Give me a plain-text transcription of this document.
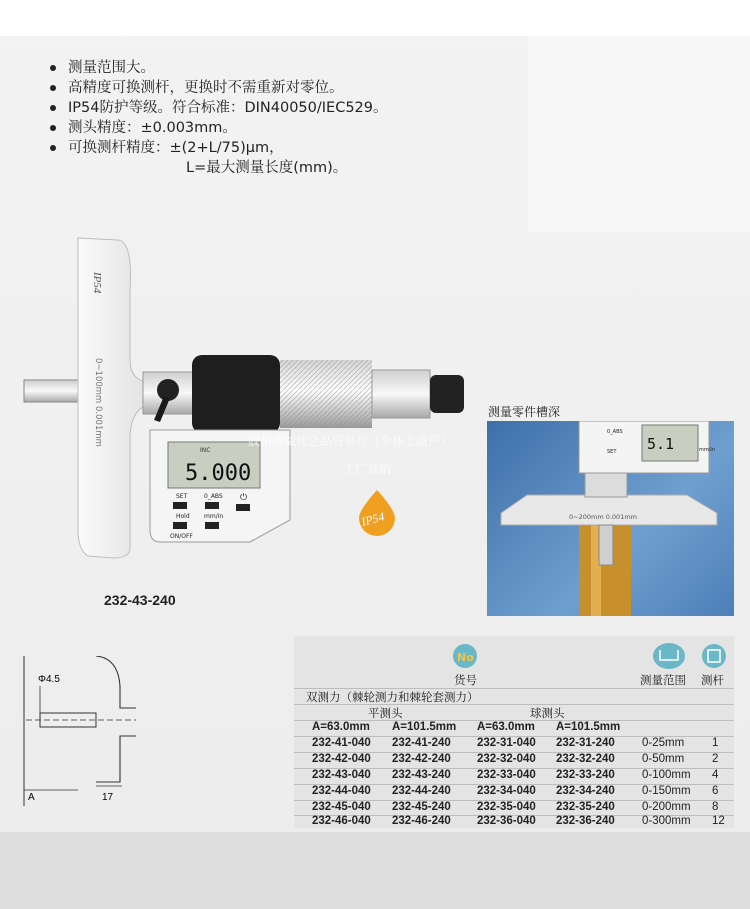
测量范围大。
高精度可换测杆，更换时不需重新对零位。
IP54防护等级。符合标准：DIN40050/IEC529。
测头精度：±0.003mm。
可换测杆精度：±(2+L/75)μm，
L=最大测量长度(mm)。
IP54
0~100mm 0.001mm
INC
5.000
SET	0_ABS ⏻
Hold mm/in
ON/OFF
232-43-240
胶州市威优之品贸易行（个体工商户）
工厂直销
IP54
测量零件槽深
0~200mm 0.001mm
5.1
0_ABS
SET	mm/in
Φ4.5
17
A
No
货号	测量范围 测杆
双测力（棘轮测力和棘轮套测力）
平测头	球测头
A=63.0mm A=101.5mm A=63.0mm A=101.5mm
232-41-040 232-41-240 232-31-040 232-31-240 0-25mm 1
232-42-040 232-42-240 232-32-040 232-32-240 0-50mm 2
232-43-040 232-43-240 232-33-040 232-33-240 0-100mm 4
232-44-040 232-44-240 232-34-040 232-34-240 0-150mm 6
232-45-040 232-45-240 232-35-040 232-35-240 0-200mm 8
232-46-040 232-46-240 232-36-040 232-36-240 0-300mm 12
